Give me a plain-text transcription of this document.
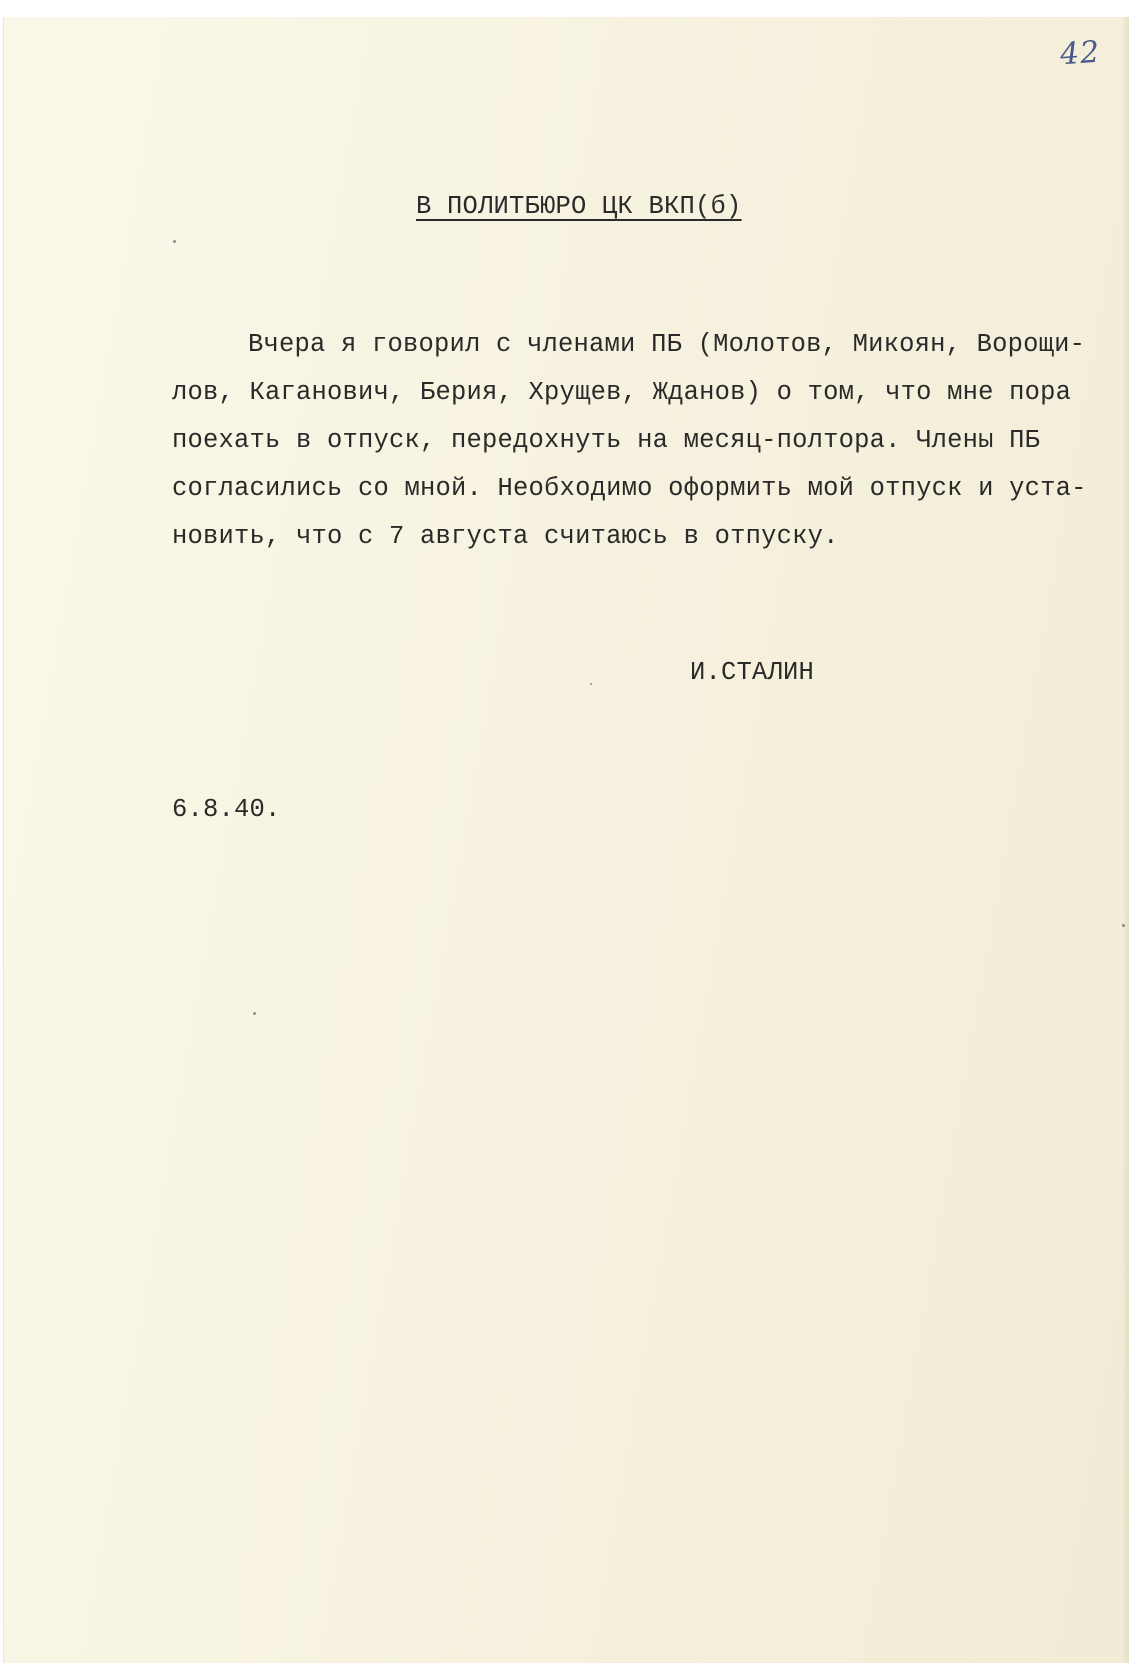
42
В ПОЛИТБЮРО ЦК ВКП(б)
Вчера я говорил с членами ПБ (Молотов, Микоян, Ворощи-
лов, Каганович, Берия, Хрущев, Жданов) о том, что мне пора
поехать в отпуск, передохнуть на месяц-полтора. Члены ПБ
согласились со мной. Необходимо оформить мой отпуск и уста-
новить, что с 7 августа считаюсь в отпуску.
И.СТАЛИН
6.8.40.
